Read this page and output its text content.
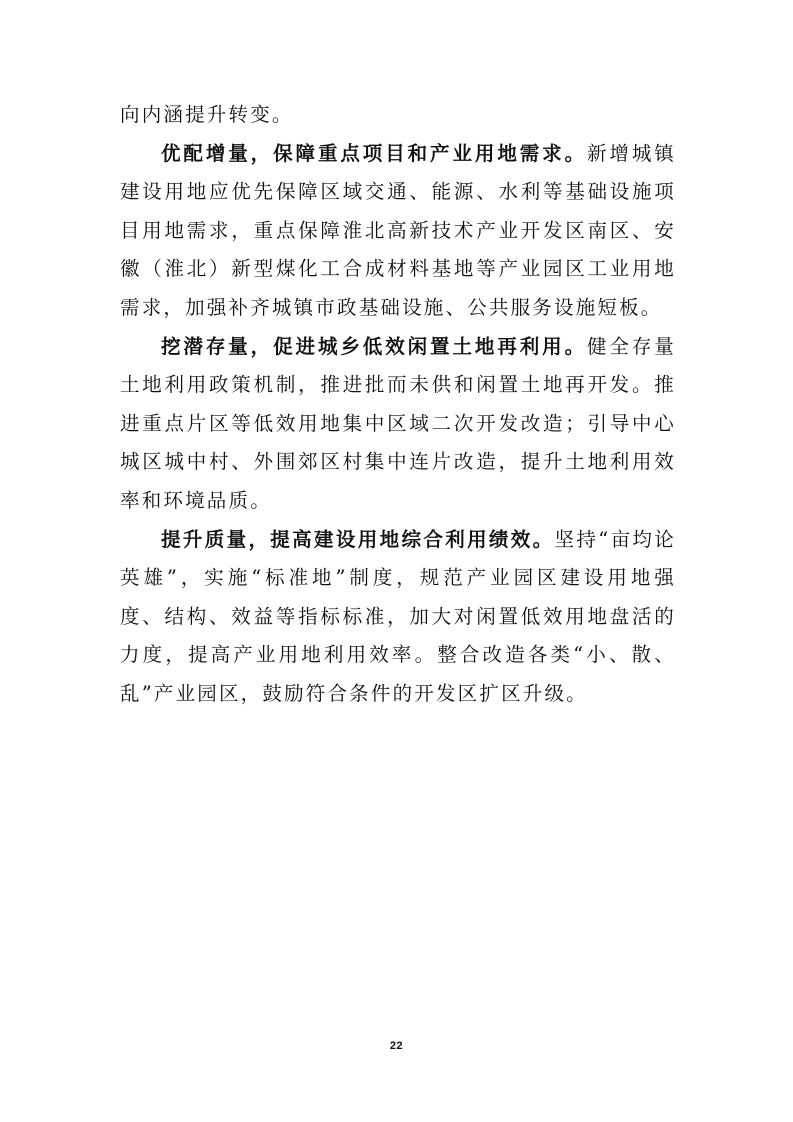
向内涵提升转变。

优配增量，保障重点项目和产业用地需求。新增城镇建设用地应优先保障区域交通、能源、水利等基础设施项目用地需求，重点保障淮北高新技术产业开发区南区、安徽（淮北）新型煤化工合成材料基地等产业园区工业用地需求，加强补齐城镇市政基础设施、公共服务设施短板。

挖潜存量，促进城乡低效闲置土地再利用。健全存量土地利用政策机制，推进批而未供和闲置土地再开发。推进重点片区等低效用地集中区域二次开发改造；引导中心城区城中村、外围郊区村集中连片改造，提升土地利用效率和环境品质。

提升质量，提高建设用地综合利用绩效。坚持“亩均论英雄”，实施“标准地”制度，规范产业园区建设用地强度、结构、效益等指标标准，加大对闲置低效用地盘活的力度，提高产业用地利用效率。整合改造各类“小、散、乱”产业园区，鼓励符合条件的开发区扩区升级。

22
